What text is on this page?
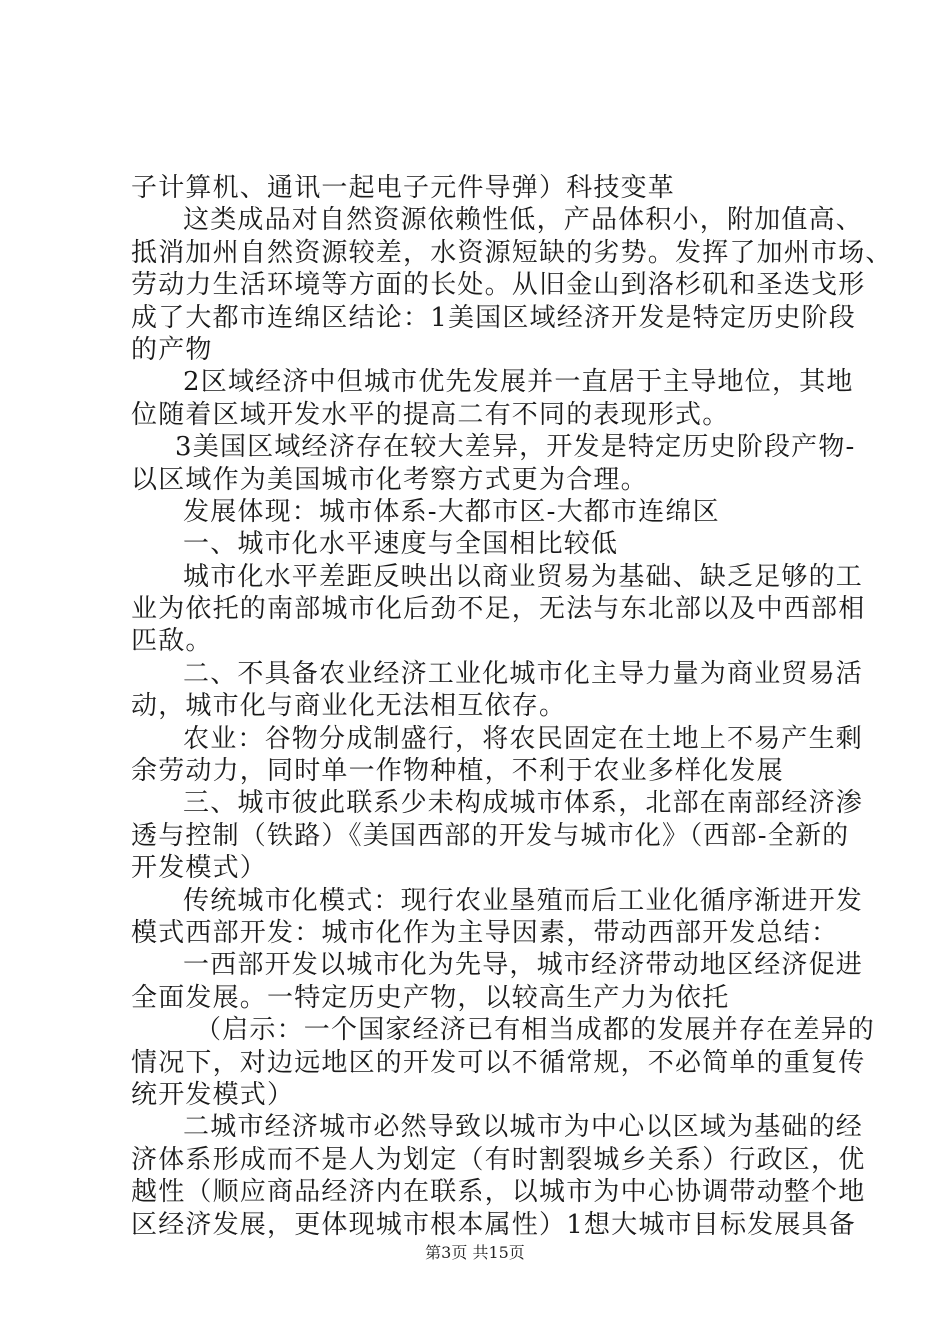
子计算机、通讯一起电子元件导弹）科技变革
这类成品对自然资源依赖性低，产品体积小，附加值高、
抵消加州自然资源较差，水资源短缺的劣势。发挥了加州市场、
劳动力生活环境等方面的长处。从旧金山到洛杉矶和圣迭戈形
成了大都市连绵区结论：1美国区域经济开发是特定历史阶段
的产物
2区域经济中但城市优先发展并一直居于主导地位，其地
位随着区域开发水平的提高二有不同的表现形式。
3美国区域经济存在较大差异，开发是特定历史阶段产物-
以区域作为美国城市化考察方式更为合理。
发展体现：城市体系-大都市区-大都市连绵区
一、城市化水平速度与全国相比较低
城市化水平差距反映出以商业贸易为基础、缺乏足够的工
业为依托的南部城市化后劲不足，无法与东北部以及中西部相
匹敌。
二、不具备农业经济工业化城市化主导力量为商业贸易活
动，城市化与商业化无法相互依存。
农业：谷物分成制盛行，将农民固定在土地上不易产生剩
余劳动力，同时单一作物种植，不利于农业多样化发展
三、城市彼此联系少未构成城市体系，北部在南部经济渗
透与控制（铁路）《美国西部的开发与城市化》（西部-全新的
开发模式）
传统城市化模式：现行农业垦殖而后工业化循序渐进开发
模式西部开发：城市化作为主导因素，带动西部开发总结：
一西部开发以城市化为先导，城市经济带动地区经济促进
全面发展。一特定历史产物，以较高生产力为依托
（启示：一个国家经济已有相当成都的发展并存在差异的
情况下，对边远地区的开发可以不循常规，不必简单的重复传
统开发模式）
二城市经济城市必然导致以城市为中心以区域为基础的经
济体系形成而不是人为划定（有时割裂城乡关系）行政区，优
越性（顺应商品经济内在联系，以城市为中心协调带动整个地
区经济发展，更体现城市根本属性）1想大城市目标发展具备
第3页 共15页
